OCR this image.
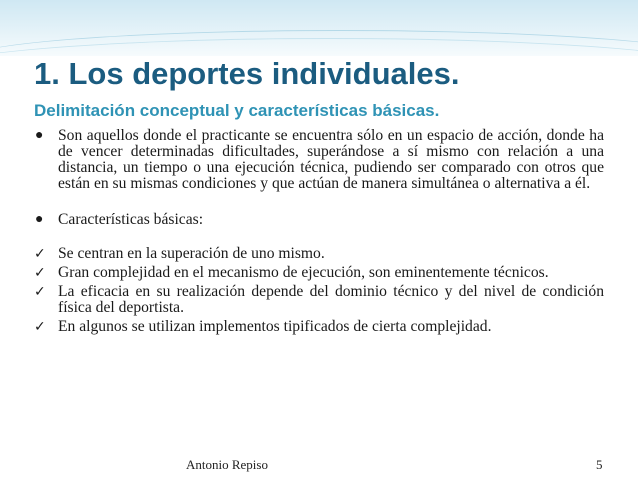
1. Los deportes individuales.
Delimitación conceptual y características básicas.

● Son aquellos donde el practicante se encuentra sólo en un espacio de acción, donde ha de vencer determinadas dificultades, superándose a sí mismo con relación a una distancia, un tiempo o una ejecución técnica, pudiendo ser comparado con otros que están en su mismas condiciones y que actúan de manera simultánea o alternativa a él.

● Características básicas:

✓ Se centran en la superación de uno mismo.

✓ Gran complejidad en el mecanismo de ejecución, son eminentemente técnicos.

✓ La eficacia en su realización depende del dominio técnico y del nivel de condición física del deportista.

✓ En algunos se utilizan implementos tipificados de cierta complejidad.

Antonio Repiso	5
